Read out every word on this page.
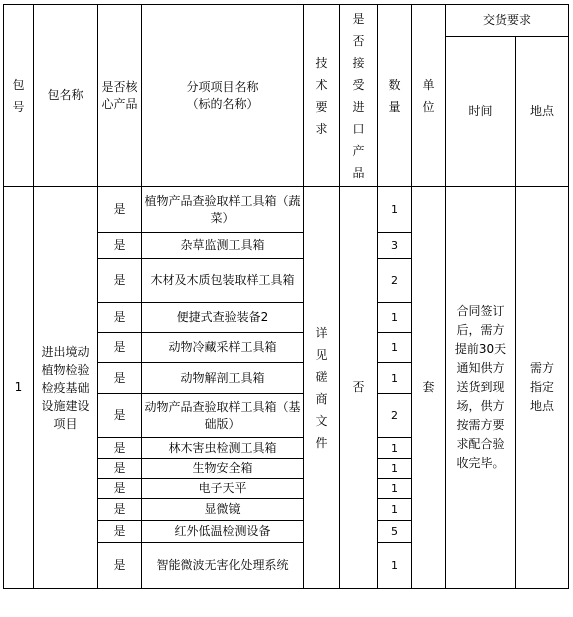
包号	包名称	是否核心产品	分项项目名称
（标的名称）	技术要求	是否接受进口产品	数量	单位	交货要求	
								时间	地点
1	进出境动植物检验检疫基础设施建设项目	是	植物产品查验取样工具箱（蔬菜）	详见磋商文件	否	1	套	合同签订后，需方提前30天通知供方送货到现场，供方按需方要求配合验收完毕。	需方指定地点

		是	杂草监测工具箱			3			
		是	木材及木质包装取样工具箱			2			
		是	便捷式查验装备2			1			
		是	动物冷藏采样工具箱			1			
		是	动物解剖工具箱			1			
		是	动物产品查验取样工具箱（基础版）			2			
		是	林木害虫检测工具箱			1			
		是	生物安全箱			1			
		是	电子天平			1			
		是	显微镜			1			
		是	红外低温检测设备			5			
		是	智能微波无害化处理系统			1			
